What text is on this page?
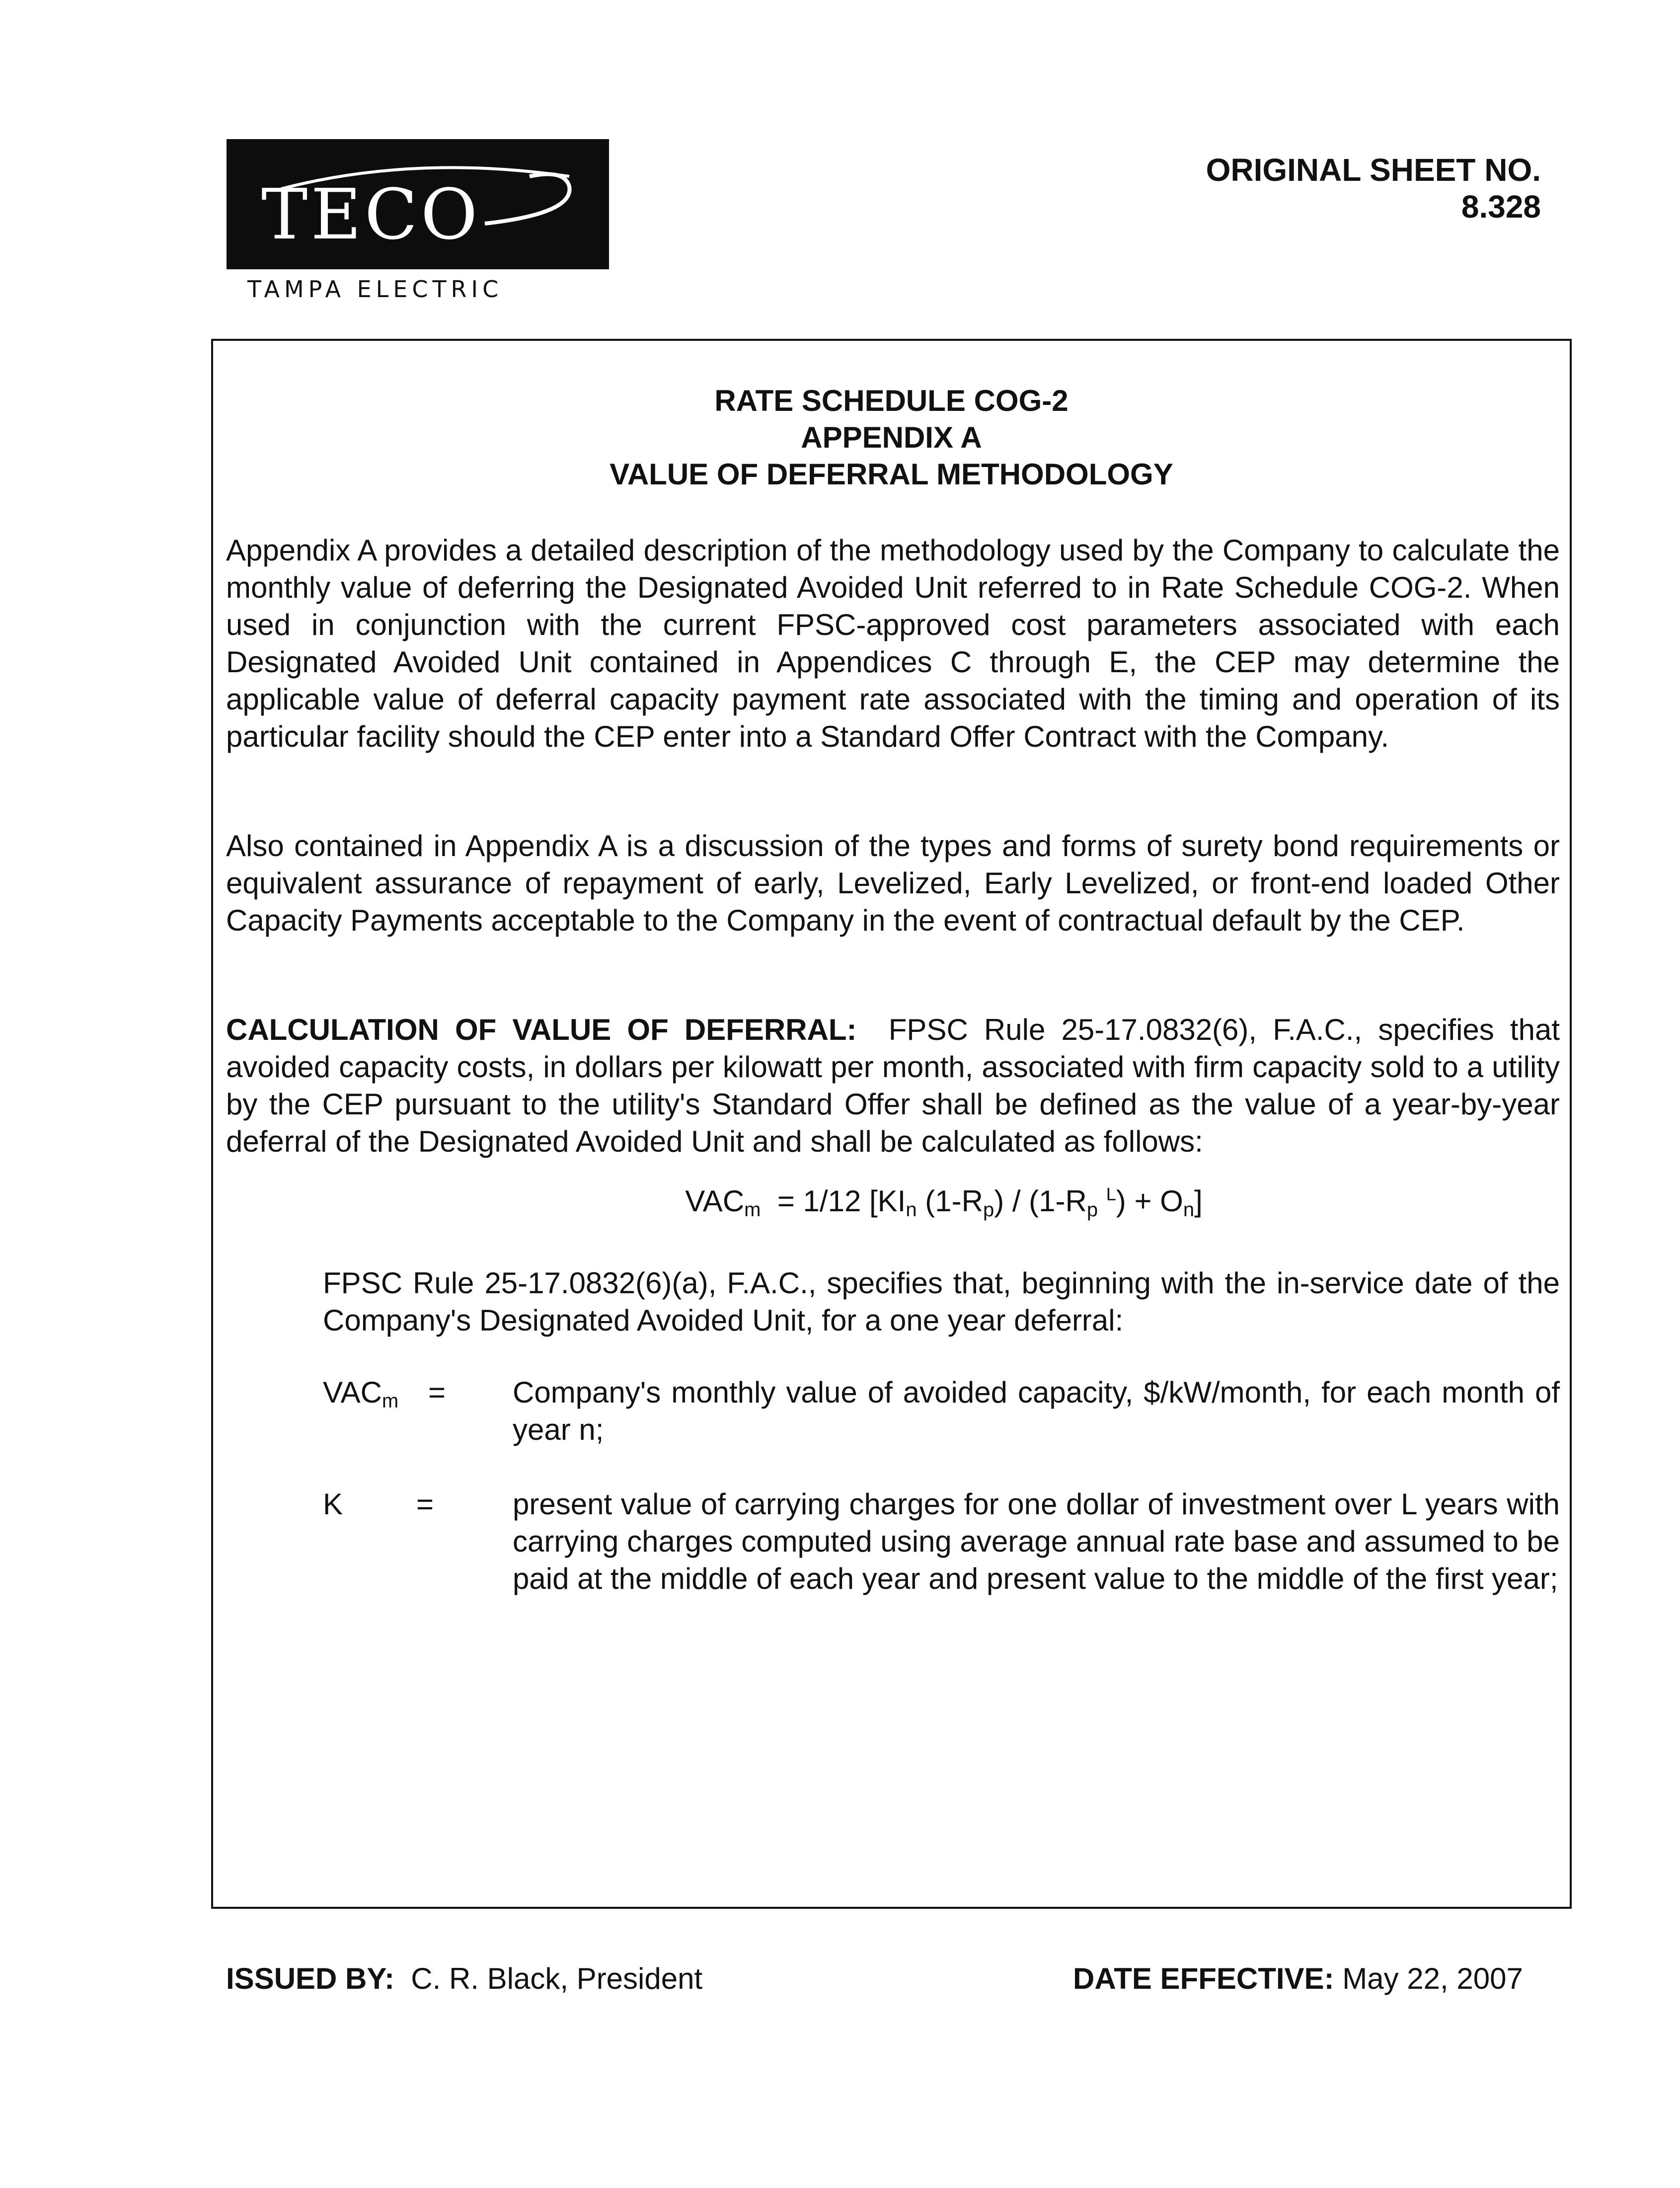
TECO
TAMPA ELECTRIC
ORIGINAL SHEET NO. 8.328
RATE SCHEDULE COG-2
APPENDIX A
VALUE OF DEFERRAL METHODOLOGY

Appendix A provides a detailed description of the methodology used by the Company to calculate the monthly value of deferring the Designated Avoided Unit referred to in Rate Schedule COG-2. When used in conjunction with the current FPSC-approved cost parameters associated with each Designated Avoided Unit contained in Appendices C through E, the CEP may determine the applicable value of deferral capacity payment rate associated with the timing and operation of its particular facility should the CEP enter into a Standard Offer Contract with the Company.

Also contained in Appendix A is a discussion of the types and forms of surety bond requirements or equivalent assurance of repayment of early, Levelized, Early Levelized, or front-end loaded Other Capacity Payments acceptable to the Company in the event of contractual default by the CEP.

CALCULATION OF VALUE OF DEFERRAL: FPSC Rule 25-17.0832(6), F.A.C., specifies that avoided capacity costs, in dollars per kilowatt per month, associated with firm capacity sold to a utility by the CEP pursuant to the utility's Standard Offer shall be defined as the value of a year-by-year deferral of the Designated Avoided Unit and shall be calculated as follows:

$VAC_m = 1/12$ [$KI_n$ $(1-R_p) / (1-R_p$ $^L) + O_n$]

FPSC Rule 25-17.0832(6)(a), F.A.C., specifies that, beginning with the in-service date of the Company's Designated Avoided Unit, for a one year deferral:

$VAC_m$ = Company's monthly value of avoided capacity, $/kW/month, for each month of year n;

K =	present value of carrying charges for one dollar of investment over L years with carrying charges computed using average annual rate base and assumed to be paid at the middle of each year and present value to the middle of the first year;

ISSUED BY: C. R. Black, President	DATE EFFECTIVE: May 22, 2007
